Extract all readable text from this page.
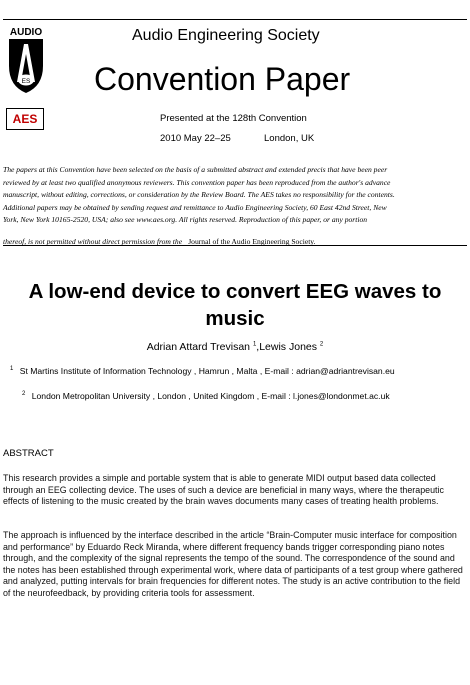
AUDIO
ES
AES
Audio Engineering Society
Convention Paper
Presented at the 128th Convention
2010 May 22–25	London, UK
The papers at this Convention have been selected on the basis of a submitted abstract and extended precis that have been peer
reviewed by at least two qualified anonymous reviewers. This convention paper has been reproduced from the author's advance
manuscript, without editing, corrections, or consideration by the Review Board. The AES takes no responsibility for the contents.
Additional papers may be obtained by sending request and remittance to Audio Engineering Society, 60 East 42nd Street, New
York, New York 10165-2520, USA; also see www.aes.org. All rights reserved. Reproduction of this paper, or any portion
thereof, is not permitted without direct permission from the Journal of the Audio Engineering Society.
A low-end device to convert EEG waves to
music
Adrian Attard Trevisan $^1$,Lewis Jones $^2$
$^1$ St Martins Institute of Information Technology , Hamrun , Malta , E-mail : adrian@adriantrevisan.eu
$^2$ London Metropolitan University , London , United Kingdom , E-mail : l.jones@londonmet.ac.uk
ABSTRACT
This research provides a simple and portable system that is able to generate MIDI output based data collected through an EEG collecting device. The uses of such a device are beneficial in many ways, where the therapeutic effects of listening to the music created by the brain waves documents many cases of treating health problems.
The approach is influenced by the interface described in the article “Brain-Computer music interface for composition and performance” by Eduardo Reck Miranda, where different frequency bands trigger corresponding piano notes through, and the complexity of the signal represents the tempo of the sound. The correspondence of the sound and the notes has been established through experimental work, where data of participants of a test group where gathered and analyzed, putting intervals for brain frequencies for different notes. The study is an active contribution to the field of the neurofeedback, by providing criteria tools for assessment.
